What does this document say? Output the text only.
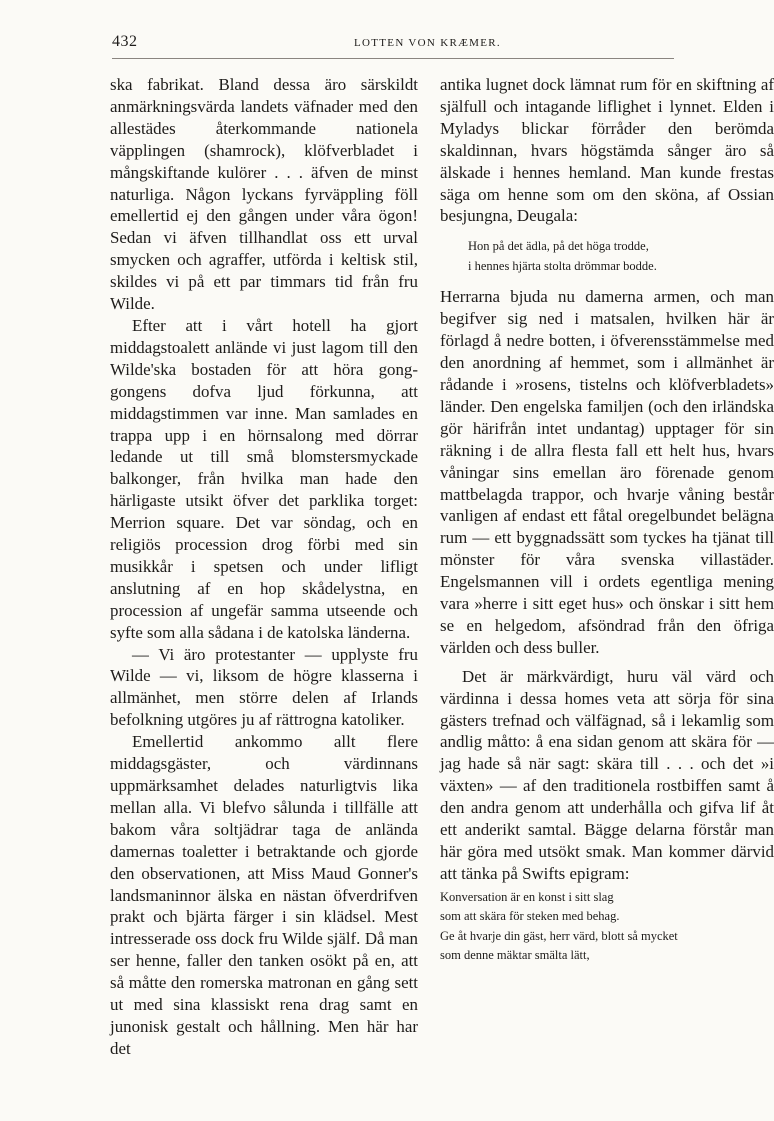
432	LOTTEN VON KRÆMER.

ska fabrikat. Bland dessa äro särskildt anmärkningsvärda landets väfnader med den allestädes återkommande nationela väpplingen (shamrock), klöfverbladet i mångskiftande kulörer . . . äfven de minst naturliga. Någon lyckans fyrväppling föll emellertid ej den gången under våra ögon! Sedan vi äfven tillhandlat oss ett urval smycken och agraffer, utförda i keltisk stil, skildes vi på ett par timmars tid från fru Wilde.

Efter att i vårt hotell ha gjort middagstoalett anlände vi just lagom till den Wilde'ska bostaden för att höra gong-gongens dofva ljud förkunna, att middagstimmen var inne. Man samlades en trappa upp i en hörnsalong med dörrar ledande ut till små blomstersmyckade balkonger, från hvilka man hade den härligaste utsikt öfver det parklika torget: Merrion square. Det var söndag, och en religiös procession drog förbi med sin musikkår i spetsen och under lifligt anslutning af en hop skådelystna, en procession af ungefär samma utseende och syfte som alla sådana i de katolska länderna.

— Vi äro protestanter — upplyste fru Wilde — vi, liksom de högre klasserna i allmänhet, men större delen af Irlands befolkning utgöres ju af rättrogna katoliker.

Emellertid ankommo allt flere middagsgäster, och värdinnans uppmärksamhet delades naturligtvis lika mellan alla. Vi blefvo sålunda i tillfälle att bakom våra soltjädrar taga de anlända damernas toaletter i betraktande och gjorde den observationen, att Miss Maud Gonner's landsmaninnor älska en nästan öfverdrifven prakt och bjärta färger i sin klädsel. Mest intresserade oss dock fru Wilde själf. Då man ser henne, faller den tanken osökt på en, att så måtte den romerska matronan en gång sett ut med sina klassiskt rena drag samt en junonisk gestalt och hållning. Men här har det

antika lugnet dock lämnat rum för en skiftning af själfull och intagande liflighet i lynnet. Elden i Myladys blickar förråder den berömda skaldinnan, hvars högstämda sånger äro så älskade i hennes hemland. Man kunde frestas säga om henne som om den sköna, af Ossian besjungna, Deugala:

Hon på det ädla, på det höga trodde,
i hennes hjärta stolta drömmar bodde.

Herrarna bjuda nu damerna armen, och man begifver sig ned i matsalen, hvilken här är förlagd å nedre botten, i öfverensstämmelse med den anordning af hemmet, som i allmänhet är rådande i »rosens, tistelns och klöfverbladets» länder. Den engelska familjen (och den irländska gör härifrån intet undantag) upptager för sin räkning i de allra flesta fall ett helt hus, hvars våningar sins emellan äro förenade genom mattbelagda trappor, och hvarje våning består vanligen af endast ett fåtal oregelbundet belägna rum — ett byggnadssätt som tyckes ha tjänat till mönster för våra svenska villastäder. Engelsmannen vill i ordets egentliga mening vara »herre i sitt eget hus» och önskar i sitt hem se en helgedom, afsöndrad från den öfriga världen och dess buller.

Det är märkvärdigt, huru väl värd och värdinna i dessa homes veta att sörja för sina gästers trefnad och välfägnad, så i lekamlig som andlig måtto: å ena sidan genom att skära för — jag hade så när sagt: skära till . . . och det »i växten» — af den traditionela rostbiffen samt å den andra genom att underhålla och gifva lif åt ett anderikt samtal. Bägge delarna förstår man här göra med utsökt smak. Man kommer därvid att tänka på Swifts epigram:

Konversation är en konst i sitt slag
som att skära för steken med behag.
Ge åt hvarje din gäst, herr värd, blott så mycket
som denne mäktar smälta lätt,
